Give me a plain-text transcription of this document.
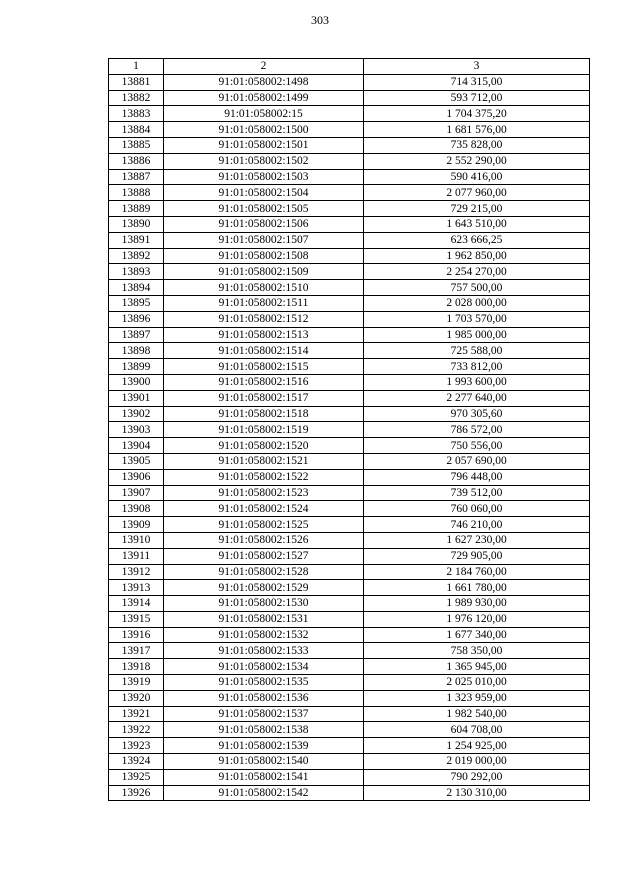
303
1	2	3
13881	91:01:058002:1498	714 315,00
13882	91:01:058002:1499	593 712,00
13883	91:01:058002:15	1 704 375,20
13884	91:01:058002:1500	1 681 576,00
13885	91:01:058002:1501	735 828,00
13886	91:01:058002:1502	2 552 290,00
13887	91:01:058002:1503	590 416,00
13888	91:01:058002:1504	2 077 960,00
13889	91:01:058002:1505	729 215,00
13890	91:01:058002:1506	1 643 510,00
13891	91:01:058002:1507	623 666,25
13892	91:01:058002:1508	1 962 850,00
13893	91:01:058002:1509	2 254 270,00
13894	91:01:058002:1510	757 500,00
13895	91:01:058002:1511	2 028 000,00
13896	91:01:058002:1512	1 703 570,00
13897	91:01:058002:1513	1 985 000,00
13898	91:01:058002:1514	725 588,00
13899	91:01:058002:1515	733 812,00
13900	91:01:058002:1516	1 993 600,00
13901	91:01:058002:1517	2 277 640,00
13902	91:01:058002:1518	970 305,60
13903	91:01:058002:1519	786 572,00
13904	91:01:058002:1520	750 556,00
13905	91:01:058002:1521	2 057 690,00
13906	91:01:058002:1522	796 448,00
13907	91:01:058002:1523	739 512,00
13908	91:01:058002:1524	760 060,00
13909	91:01:058002:1525	746 210,00
13910	91:01:058002:1526	1 627 230,00
13911	91:01:058002:1527	729 905,00
13912	91:01:058002:1528	2 184 760,00
13913	91:01:058002:1529	1 661 780,00
13914	91:01:058002:1530	1 989 930,00
13915	91:01:058002:1531	1 976 120,00
13916	91:01:058002:1532	1 677 340,00
13917	91:01:058002:1533	758 350,00
13918	91:01:058002:1534	1 365 945,00
13919	91:01:058002:1535	2 025 010,00
13920	91:01:058002:1536	1 323 959,00
13921	91:01:058002:1537	1 982 540,00
13922	91:01:058002:1538	604 708,00
13923	91:01:058002:1539	1 254 925,00
13924	91:01:058002:1540	2 019 000,00
13925	91:01:058002:1541	790 292,00
13926	91:01:058002:1542	2 130 310,00
